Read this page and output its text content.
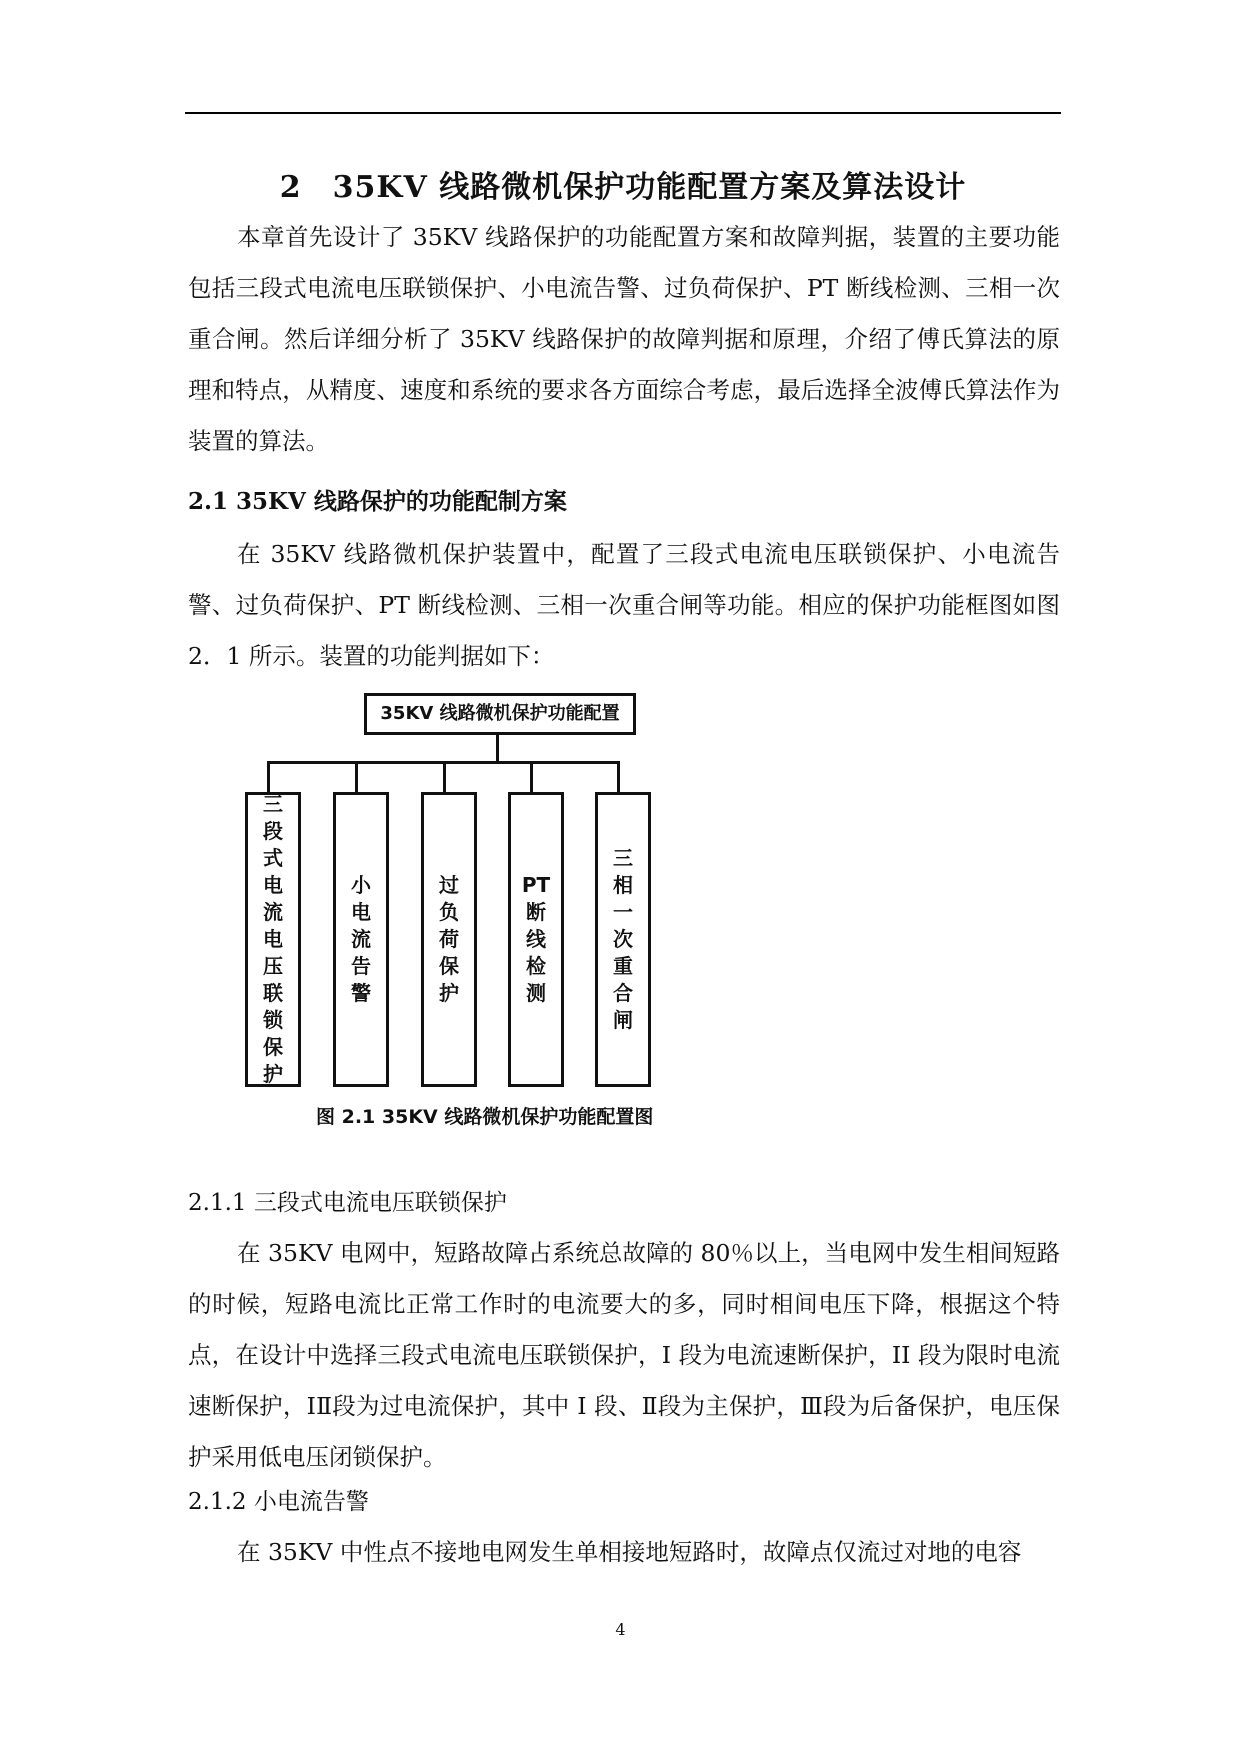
2　35KV 线路微机保护功能配置方案及算法设计

本章首先设计了 35KV 线路保护的功能配置方案和故障判据，装置的主要功能包括三段式电流电压联锁保护、小电流告警、过负荷保护、PT 断线检测、三相一次重合闸。然后详细分析了 35KV 线路保护的故障判据和原理，介绍了傅氏算法的原理和特点，从精度、速度和系统的要求各方面综合考虑，最后选择全波傅氏算法作为装置的算法。

2.1 35KV 线路保护的功能配制方案

在 35KV 线路微机保护装置中，配置了三段式电流电压联锁保护、小电流告警、过负荷保护、PT 断线检测、三相一次重合闸等功能。相应的保护功能框图如图 2．1 所示。装置的功能判据如下：

35KV 线路微机保护功能配置
三
段
式
电
流
电
压
联
锁
保
护
小
电
流
告
警
过
负
荷
保
护
PT
断
线
检
测
三
相
一
次
重
合
闸
图 2.1 35KV 线路微机保护功能配置图
2.1.1 三段式电流电压联锁保护

在 35KV 电网中，短路故障占系统总故障的 80％以上，当电网中发生相间短路的时候，短路电流比正常工作时的电流要大的多，同时相间电压下降，根据这个特点，在设计中选择三段式电流电压联锁保护，I 段为电流速断保护，II 段为限时电流速断保护，IⅡ段为过电流保护，其中 I 段、Ⅱ段为主保护，Ⅲ段为后备保护，电压保护采用低电压闭锁保护。

2.1.2 小电流告警

在 35KV 中性点不接地电网发生单相接地短路时，故障点仅流过对地的电容

4
